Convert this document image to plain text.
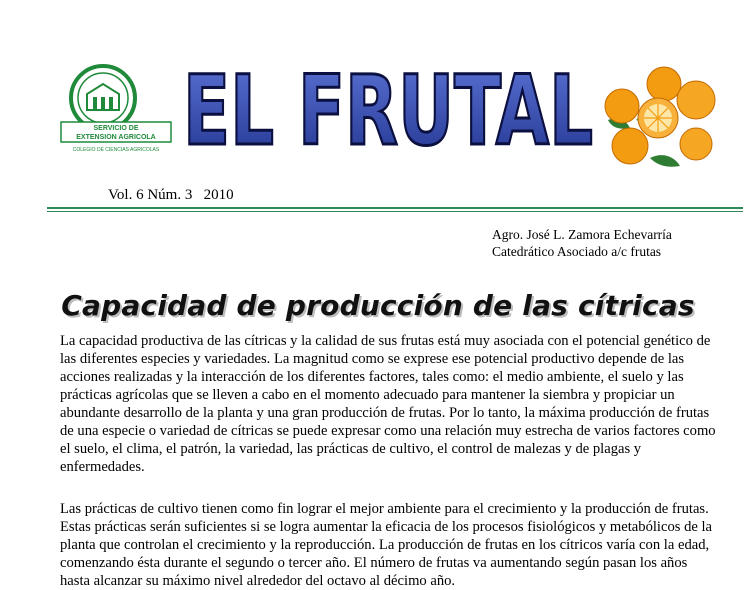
SERVICIO DE
EXTENSION AGRICOLA
COLEGIO DE CIENCIAS AGRICOLAS EL FRUTAL
Vol. 6 Núm. 3   2010
Agro. José L. Zamora Echevarría
Catedrático Asociado a/c frutas
Capacidad de producción de las cítricas

La capacidad productiva de las cítricas y la calidad de sus frutas está muy asociada con el potencial genético de las diferentes especies y variedades. La magnitud como se exprese ese potencial productivo depende de las acciones realizadas y la interacción de los diferentes factores, tales como: el medio ambiente, el suelo y las prácticas agrícolas que se lleven a cabo en el momento adecuado para mantener la siembra y propiciar un abundante desarrollo de la planta y una gran producción de frutas. Por lo tanto, la máxima producción de frutas de una especie o variedad de cítricas se puede expresar como una relación muy estrecha de varios factores como el suelo, el clima, el patrón, la variedad, las prácticas de cultivo, el control de malezas y de plagas y enfermedades.

Las prácticas de cultivo tienen como fin lograr el mejor ambiente para el crecimiento y la producción de frutas. Estas prácticas serán suficientes si se logra aumentar la eficacia de los procesos fisiológicos y metabólicos de la planta que controlan el crecimiento y la reproducción. La producción de frutas en los cítricos varía con la edad, comenzando ésta durante el segundo o tercer año. El número de frutas va aumentando según pasan los años hasta alcanzar su máximo nivel alrededor del octavo al décimo año.
